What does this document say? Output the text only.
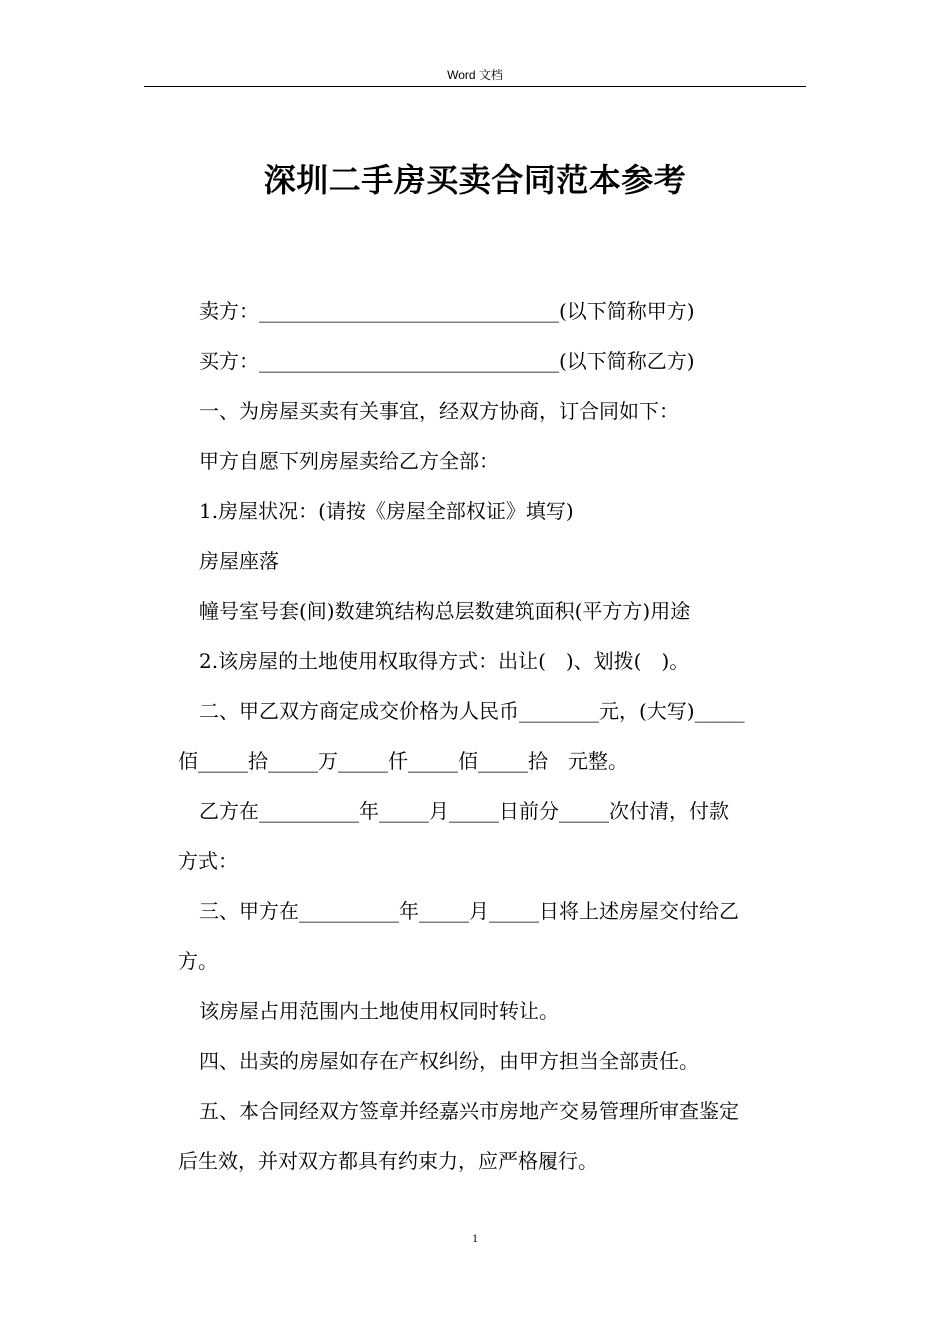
Word 文档
深圳二手房买卖合同范本参考

卖方：______________________________(以下简称甲方)

买方：______________________________(以下简称乙方)

一、为房屋买卖有关事宜，经双方协商，订合同如下：

甲方自愿下列房屋卖给乙方全部：

1.房屋状况：(请按《房屋全部权证》填写)

房屋座落

幢号室号套(间)数建筑结构总层数建筑面积(平方方)用途

2.该房屋的土地使用权取得方式：出让(　)、划拨(　)。

二、甲乙双方商定成交价格为人民币________元，(大写)_____

佰_____拾_____万_____仟_____佰_____拾　元整。

乙方在__________年_____月_____日前分_____次付清，付款

方式：

三、甲方在__________年_____月_____日将上述房屋交付给乙

方。

该房屋占用范围内土地使用权同时转让。

四、出卖的房屋如存在产权纠纷，由甲方担当全部责任。

五、本合同经双方签章并经嘉兴市房地产交易管理所审查鉴定

后生效，并对双方都具有约束力，应严格履行。

1
